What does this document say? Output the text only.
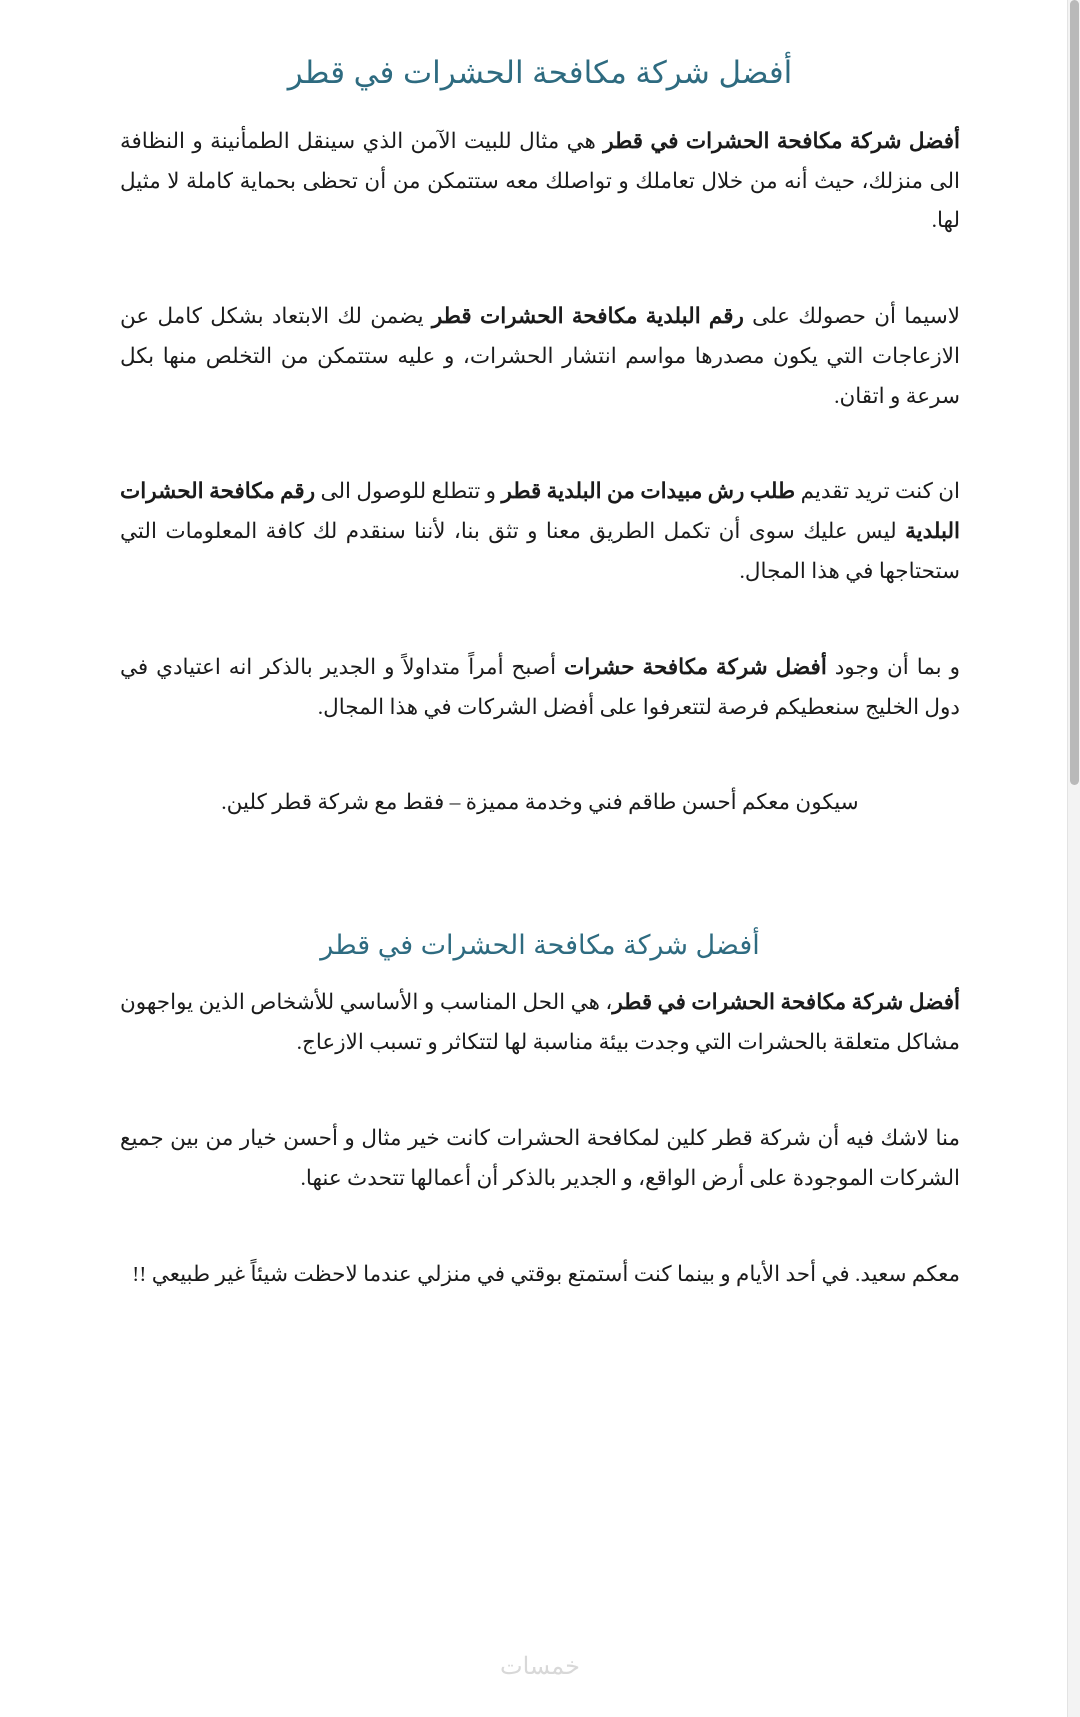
أفضل شركة مكافحة الحشرات في قطر

أفضل شركة مكافحة الحشرات في قطر هي مثال للبيت الآمن الذي سينقل الطمأنينة و النظافة الى منزلك، حيث أنه من خلال تعاملك و تواصلك معه ستتمكن من أن تحظى بحماية كاملة لا مثيل لها.

لاسيما أن حصولك على رقم البلدية مكافحة الحشرات قطر يضمن لك الابتعاد بشكل كامل عن الازعاجات التي يكون مصدرها مواسم انتشار الحشرات، و عليه ستتمكن من التخلص منها بكل سرعة و اتقان.

ان كنت تريد تقديم طلب رش مبيدات من البلدية قطر و تتطلع للوصول الى رقم مكافحة الحشرات البلدية ليس عليك سوى أن تكمل الطريق معنا و تثق بنا، لأننا سنقدم لك كافة المعلومات التي ستحتاجها في هذا المجال.

و بما أن وجود أفضل شركة مكافحة حشرات أصبح أمراً متداولاً و الجدير بالذكر انه اعتيادي في دول الخليج سنعطيكم فرصة لتتعرفوا على أفضل الشركات في هذا المجال.

سيكون معكم أحسن طاقم فني وخدمة مميزة – فقط مع شركة قطر كلين.

أفضل شركة مكافحة الحشرات في قطر

أفضل شركة مكافحة الحشرات في قطر، هي الحل المناسب و الأساسي للأشخاص الذين يواجهون مشاكل متعلقة بالحشرات التي وجدت بيئة مناسبة لها لتتكاثر و تسبب الازعاج.

منا لاشك فيه أن شركة قطر كلين لمكافحة الحشرات كانت خير مثال و أحسن خيار من بين جميع الشركات الموجودة على أرض الواقع، و الجدير بالذكر أن أعمالها تتحدث عنها.

معكم سعيد. في أحد الأيام و بينما كنت أستمتع بوقتي في منزلي عندما لاحظت شيئاً غير طبيعي !!

خمسات
